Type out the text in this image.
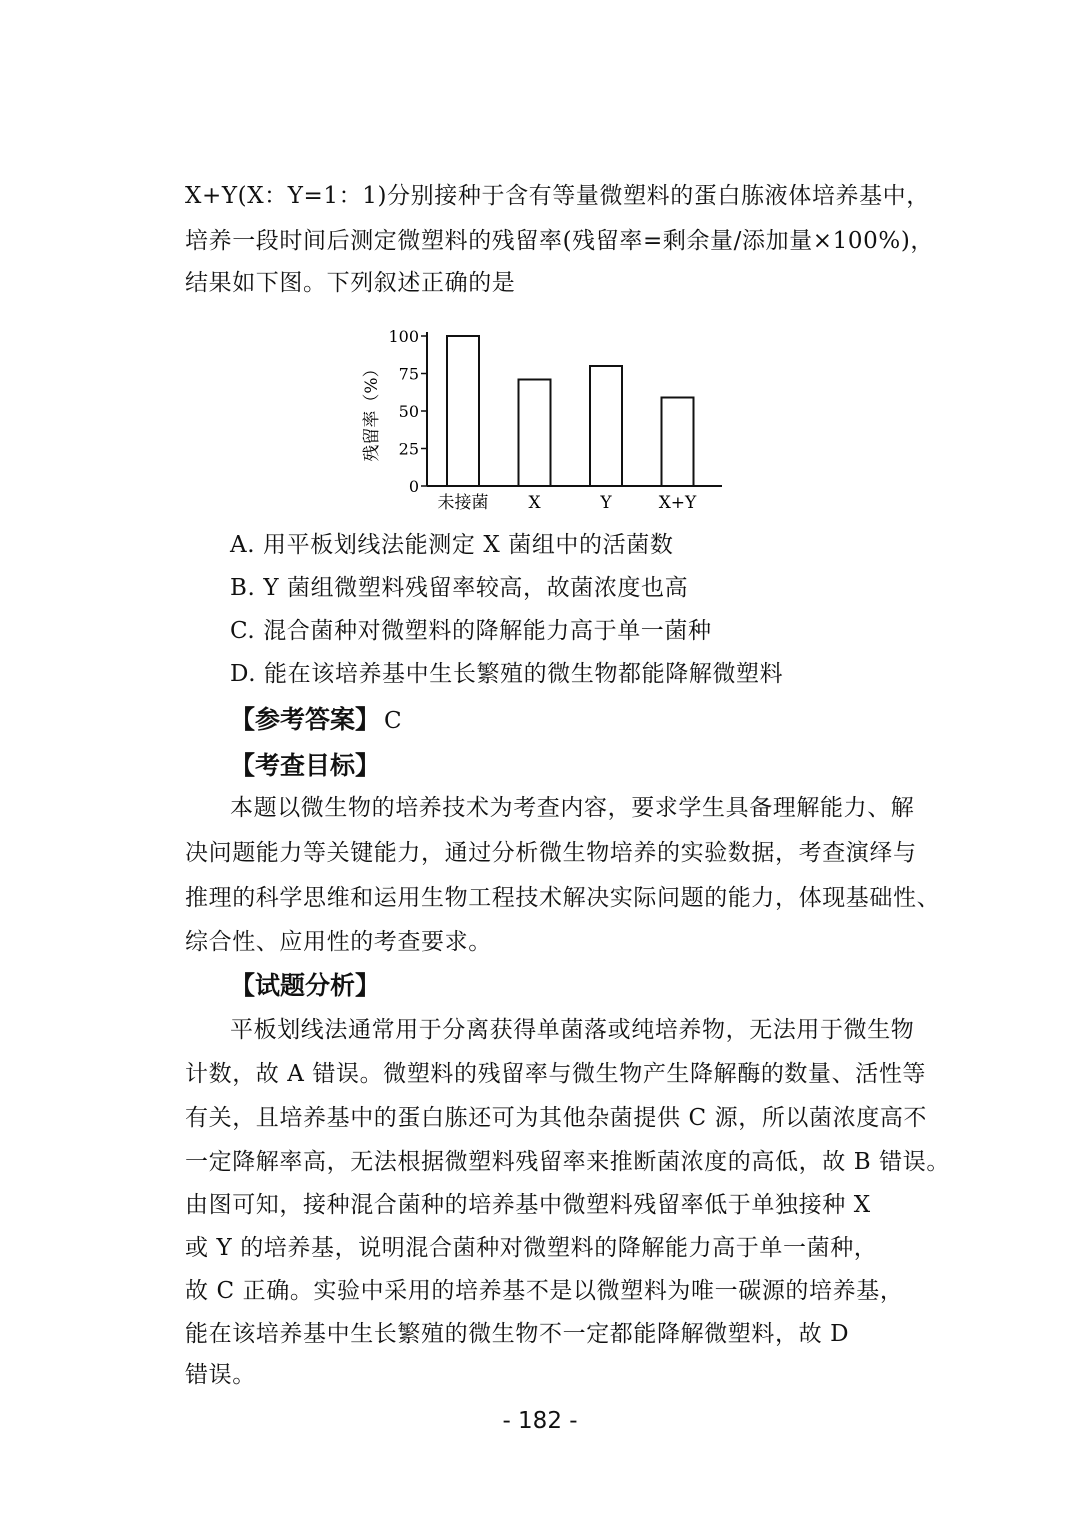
X+Y(X：Y=1：1)分别接种于含有等量微塑料的蛋白胨液体培养基中，
培养一段时间后测定微塑料的残留率(残留率=剩余量/添加量×100%)，
结果如下图。下列叙述正确的是
残留率（%）
0
25
50
75
100
未接菌 X	Y	X+Y
A. 用平板划线法能测定 X 菌组中的活菌数
B. Y 菌组微塑料残留率较高，故菌浓度也高
C. 混合菌种对微塑料的降解能力高于单一菌种
D. 能在该培养基中生长繁殖的微生物都能降解微塑料
【参考答案】 C
【考查目标】
本题以微生物的培养技术为考查内容，要求学生具备理解能力、解
决问题能力等关键能力，通过分析微生物培养的实验数据，考查演绎与
推理的科学思维和运用生物工程技术解决实际问题的能力，体现基础性、
综合性、应用性的考查要求。
【试题分析】
平板划线法通常用于分离获得单菌落或纯培养物，无法用于微生物
计数，故 A 错误。微塑料的残留率与微生物产生降解酶的数量、活性等
有关，且培养基中的蛋白胨还可为其他杂菌提供 C 源，所以菌浓度高不
一定降解率高，无法根据微塑料残留率来推断菌浓度的高低，故 B 错误。
由图可知，接种混合菌种的培养基中微塑料残留率低于单独接种 X
或 Y 的培养基，说明混合菌种对微塑料的降解能力高于单一菌种，
故 C 正确。实验中采用的培养基不是以微塑料为唯一碳源的培养基，
能在该培养基中生长繁殖的微生物不一定都能降解微塑料，故 D
错误。
- 182 -
